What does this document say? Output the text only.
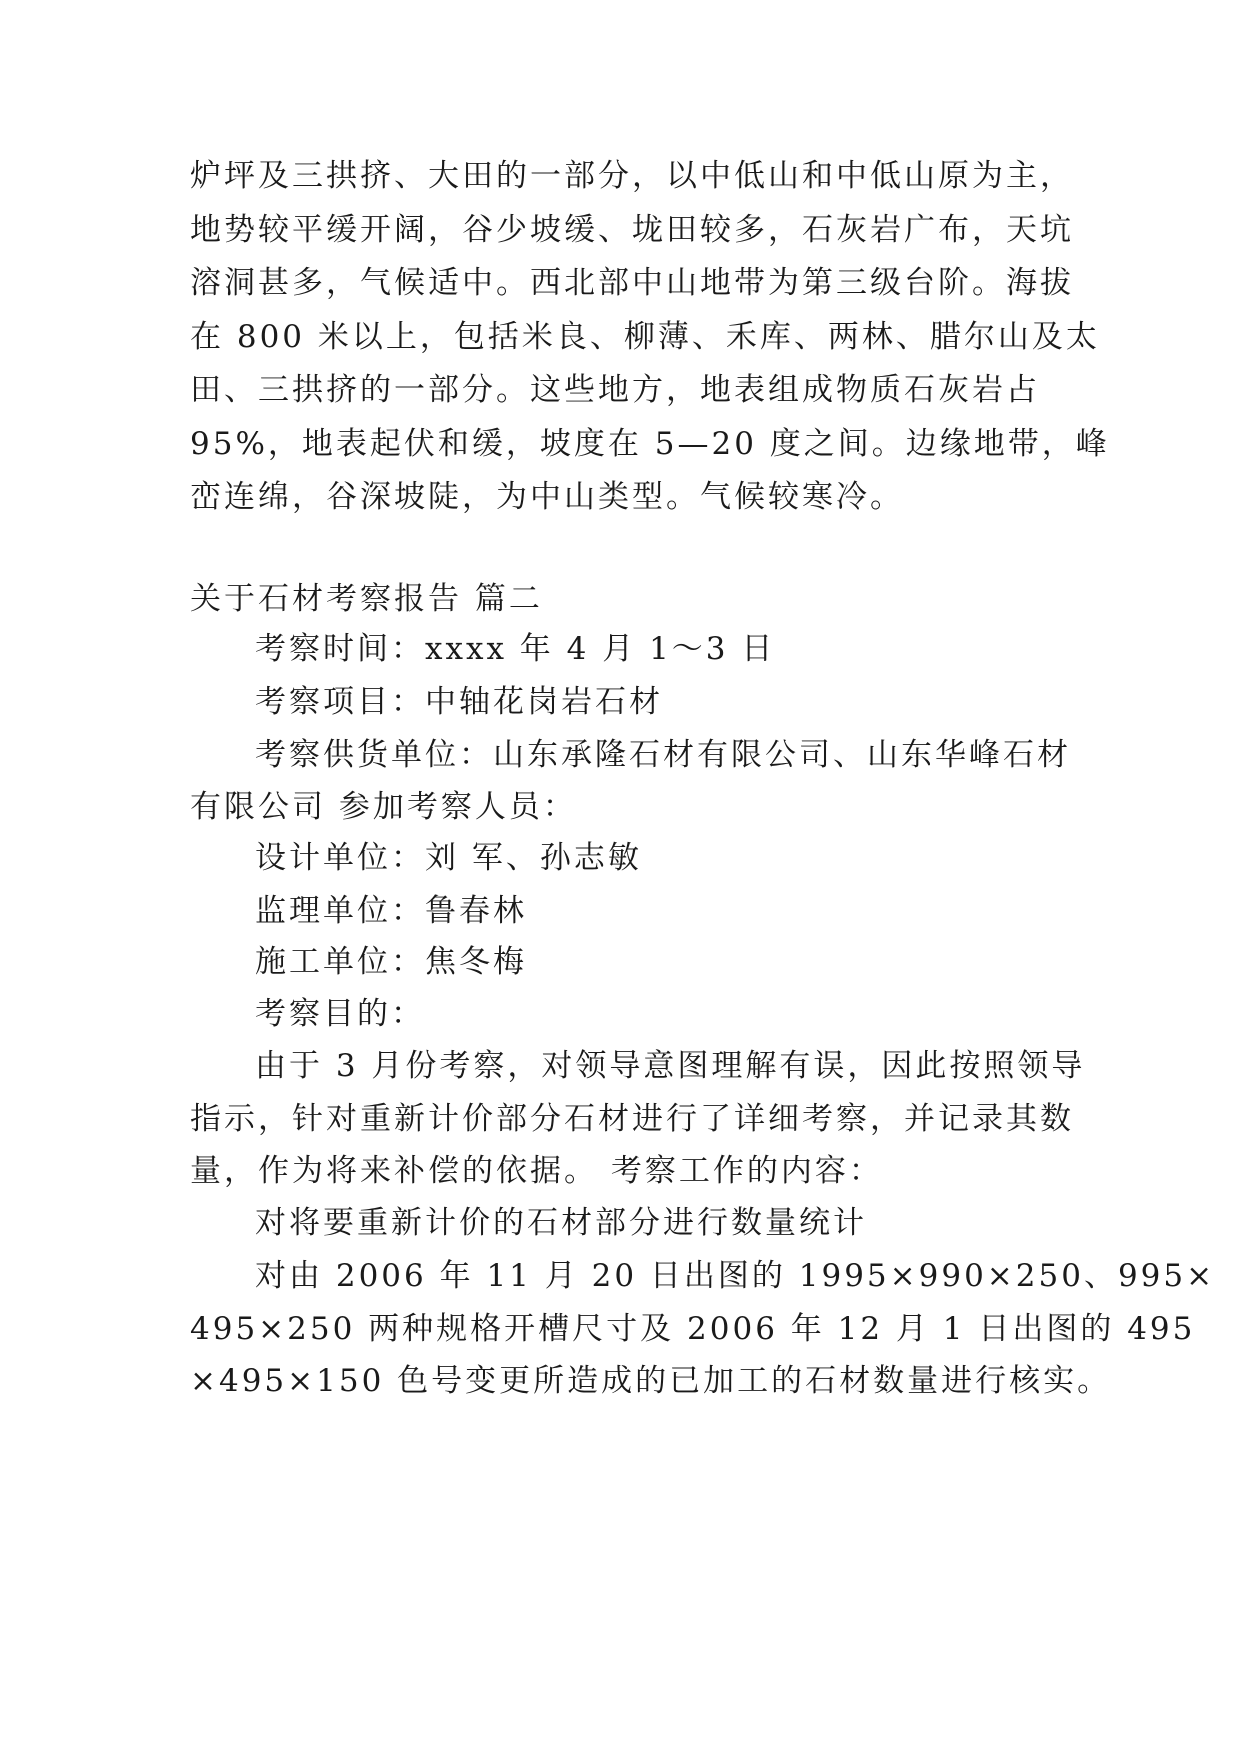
炉坪及三拱挤、大田的一部分，以中低山和中低山原为主，
地势较平缓开阔，谷少坡缓、垅田较多，石灰岩广布，天坑
溶洞甚多，气候适中。西北部中山地带为第三级台阶。海拔
在 800 米以上，包括米良、柳薄、禾库、两林、腊尔山及太
田、三拱挤的一部分。这些地方，地表组成物质石灰岩占
95%，地表起伏和缓，坡度在 5—20 度之间。边缘地带，峰
峦连绵，谷深坡陡，为中山类型。气候较寒冷。
关于石材考察报告 篇二
考察时间：xxxx 年 4 月 1～3 日
考察项目：中轴花岗岩石材
考察供货单位：山东承隆石材有限公司、山东华峰石材
有限公司 参加考察人员：
设计单位：刘 军、孙志敏
监理单位：鲁春林
施工单位：焦冬梅
考察目的：
由于 3 月份考察，对领导意图理解有误，因此按照领导
指示，针对重新计价部分石材进行了详细考察，并记录其数
量，作为将来补偿的依据。 考察工作的内容：
对将要重新计价的石材部分进行数量统计
对由 2006 年 11 月 20 日出图的 1995×990×250、995×
495×250 两种规格开槽尺寸及 2006 年 12 月 1 日出图的 495
×495×150 色号变更所造成的已加工的石材数量进行核实。
